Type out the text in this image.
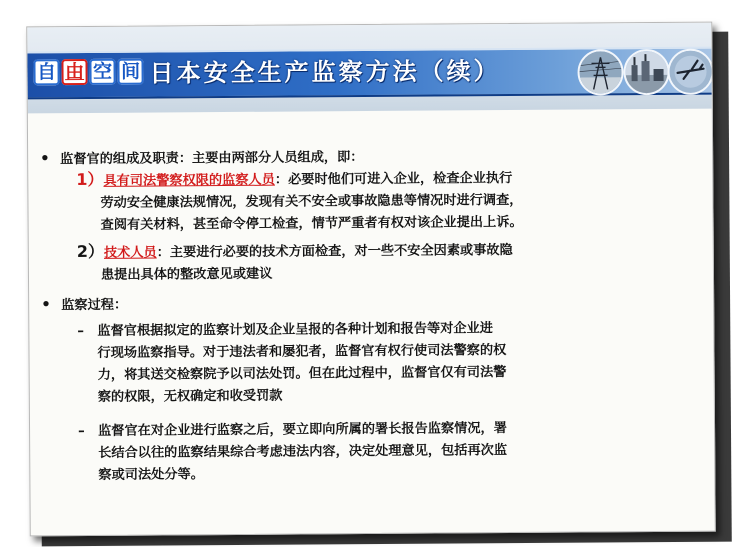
自 由 空 间 日本安全生产监察方法（续）
• 监督官的组成及职责：主要由两部分人员组成，即：
1）具有司法警察权限的监察人员：必要时他们可进入企业，检查企业执行
劳动安全健康法规情况，发现有关不安全或事故隐患等情况时进行调查，
查阅有关材料，甚至命令停工检查，情节严重者有权对该企业提出上诉。
2）技术人员：主要进行必要的技术方面检查，对一些不安全因素或事故隐
患提出具体的整改意见或建议
• 监察过程：
– 监督官根据拟定的监察计划及企业呈报的各种计划和报告等对企业进
行现场监察指导。对于违法者和屡犯者，监督官有权行使司法警察的权
力，将其送交检察院予以司法处罚。但在此过程中，监督官仅有司法警
察的权限，无权确定和收受罚款
– 监督官在对企业进行监察之后，要立即向所属的署长报告监察情况，署
长结合以往的监察结果综合考虑违法内容，决定处理意见，包括再次监
察或司法处分等。
